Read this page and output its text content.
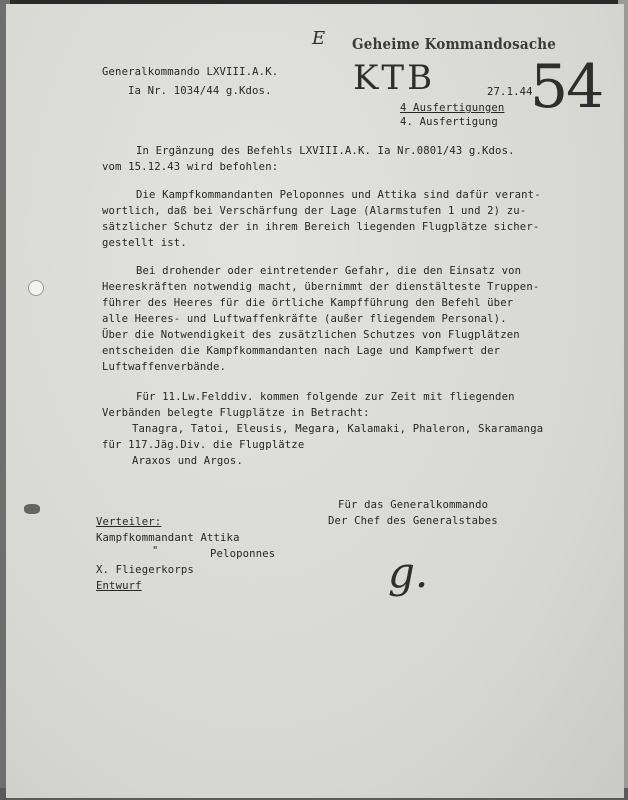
E Geheime Kommandosache

Generalkommando LXVIII.A.K.

Ia Nr. 1034/44 g.Kdos. KTB	27.1.44

54

4 Ausfertigungen

4. Ausfertigung

In Ergänzung des Befehls LXVIII.A.K. Ia Nr.0801/43 g.Kdos.

vom 15.12.43 wird befohlen:

Die Kampfkommandanten Peloponnes und Attika sind dafür verant-

wortlich, daß bei Verschärfung der Lage (Alarmstufen 1 und 2) zu-

sätzlicher Schutz der in ihrem Bereich liegenden Flugplätze sicher-

gestellt ist.

Bei drohender oder eintretender Gefahr, die den Einsatz von

Heereskräften notwendig macht, übernimmt der dienstälteste Truppen-

führer des Heeres für die örtliche Kampfführung den Befehl über

alle Heeres- und Luftwaffenkräfte (außer fliegendem Personal).

Über die Notwendigkeit des zusätzlichen Schutzes von Flugplätzen

entscheiden die Kampfkommandanten nach Lage und Kampfwert der

Luftwaffenverbände.

Für 11.Lw.Felddiv. kommen folgende zur Zeit mit fliegenden

Verbänden belegte Flugplätze in Betracht:

Tanagra, Tatoi, Eleusis, Megara, Kalamaki, Phaleron, Skaramanga

für 117.Jäg.Div. die Flugplätze

Araxos und Argos.

Für das Generalkommando

Der Chef des Generalstabes

g.

Verteiler:

Kampfkommandant Attika

"	Peloponnes

X. Fliegerkorps

Entwurf
